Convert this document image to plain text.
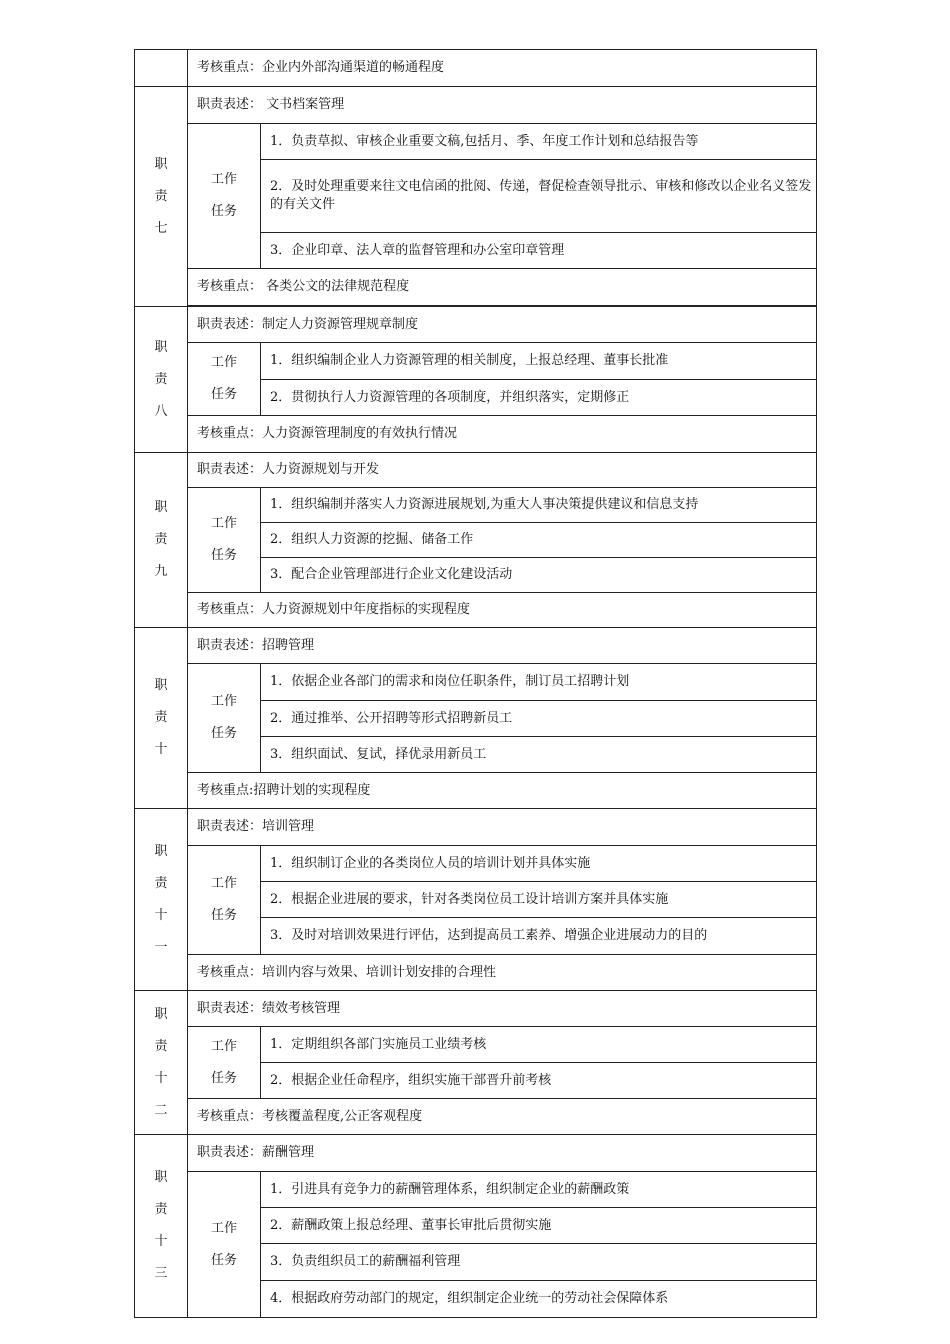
	考核重点：企业内外部沟通渠道的畅通程度	

职
责
七	职责表述： 文书档案管理	

	工作
任务	1．负责草拟、审核企业重要文稿,包括月、季、年度工作计划和总结报告等
		2．及时处理重要来往文电信函的批阅、传递，督促检查领导批示、审核和修改以企业名义签发的有关文件
		3．企业印章、法人章的监督管理和办公室印章管理
	考核重点： 各类公文的法律规范程度	

职
责
八	职责表述：制定人力资源管理规章制度	

	工作
任务	1．组织编制企业人力资源管理的相关制度，上报总经理、董事长批准
		2．贯彻执行人力资源管理的各项制度，并组织落实，定期修正
	考核重点：人力资源管理制度的有效执行情况	

职
责
九	职责表述：人力资源规划与开发	

	工作
任务	1．组织编制并落实人力资源进展规划,为重大人事决策提供建议和信息支持
		2．组织人力资源的挖掘、储备工作
		3．配合企业管理部进行企业文化建设活动
	考核重点：人力资源规划中年度指标的实现程度	

职
责
十	职责表述：招聘管理	

	工作
任务	1．依据企业各部门的需求和岗位任职条件，制订员工招聘计划
		2．通过推举、公开招聘等形式招聘新员工
		3．组织面试、复试，择优录用新员工
	考核重点:招聘计划的实现程度	

职
责
十
一	职责表述：培训管理	

	工作
任务	1．组织制订企业的各类岗位人员的培训计划并具体实施
		2．根据企业进展的要求，针对各类岗位员工设计培训方案并具体实施
		3．及时对培训效果进行评估，达到提高员工素养、增强企业进展动力的目的
	考核重点：培训内容与效果、培训计划安排的合理性	

职
责
十
二	职责表述：绩效考核管理	

	工作
任务	1．定期组织各部门实施员工业绩考核
		2．根据企业任命程序，组织实施干部晋升前考核
	考核重点：考核覆盖程度,公正客观程度	

职
责
十
三	职责表述：薪酬管理	

	工作
任务	1．引进具有竞争力的薪酬管理体系，组织制定企业的薪酬政策
		2．薪酬政策上报总经理、董事长审批后贯彻实施
		3．负责组织员工的薪酬福利管理
		4．根据政府劳动部门的规定，组织制定企业统一的劳动社会保障体系
